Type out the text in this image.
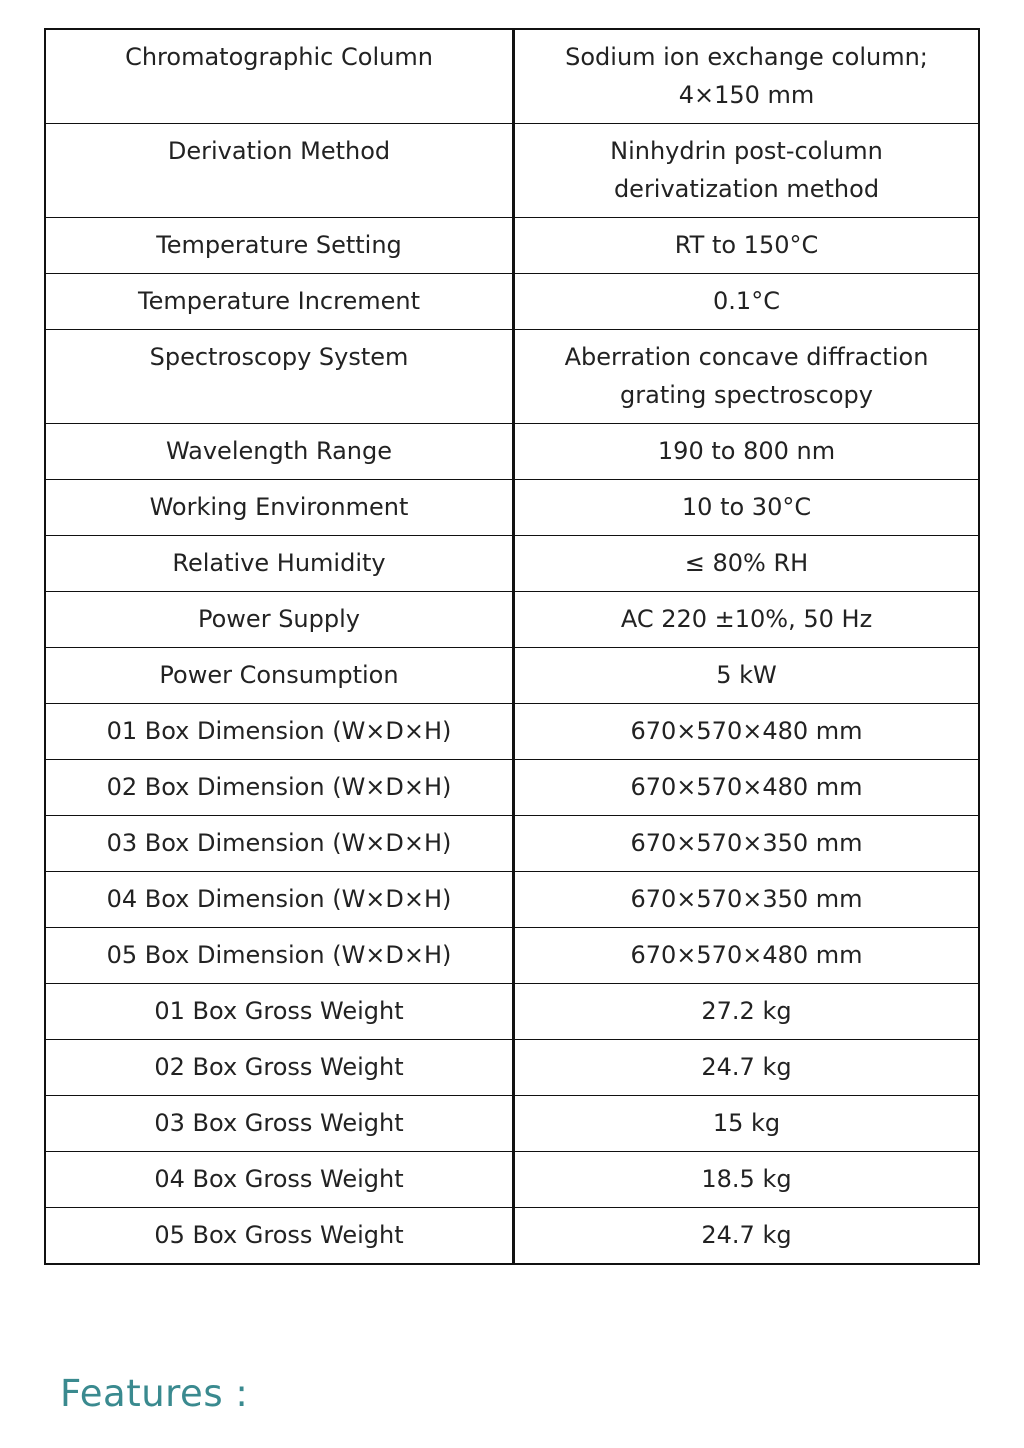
Chromatographic Column	Sodium ion exchange column;
4×150 mm

Derivation Method	Ninhydrin post-column
derivatization method

Temperature Setting	RT to 150°C

Temperature Increment	0.1°C

Spectroscopy System	Aberration concave diffraction
grating spectroscopy

Wavelength Range	190 to 800 nm

Working Environment	10 to 30°C

Relative Humidity	≤ 80% RH

Power Supply	AC 220 ±10%, 50 Hz

Power Consumption	5 kW

01 Box Dimension (W×D×H)	670×570×480 mm

02 Box Dimension (W×D×H)	670×570×480 mm

03 Box Dimension (W×D×H)	670×570×350 mm

04 Box Dimension (W×D×H)	670×570×350 mm

05 Box Dimension (W×D×H)	670×570×480 mm

01 Box Gross Weight	27.2 kg

02 Box Gross Weight	24.7 kg

03 Box Gross Weight	15 kg

04 Box Gross Weight	18.5 kg

05 Box Gross Weight	24.7 kg
Features :
